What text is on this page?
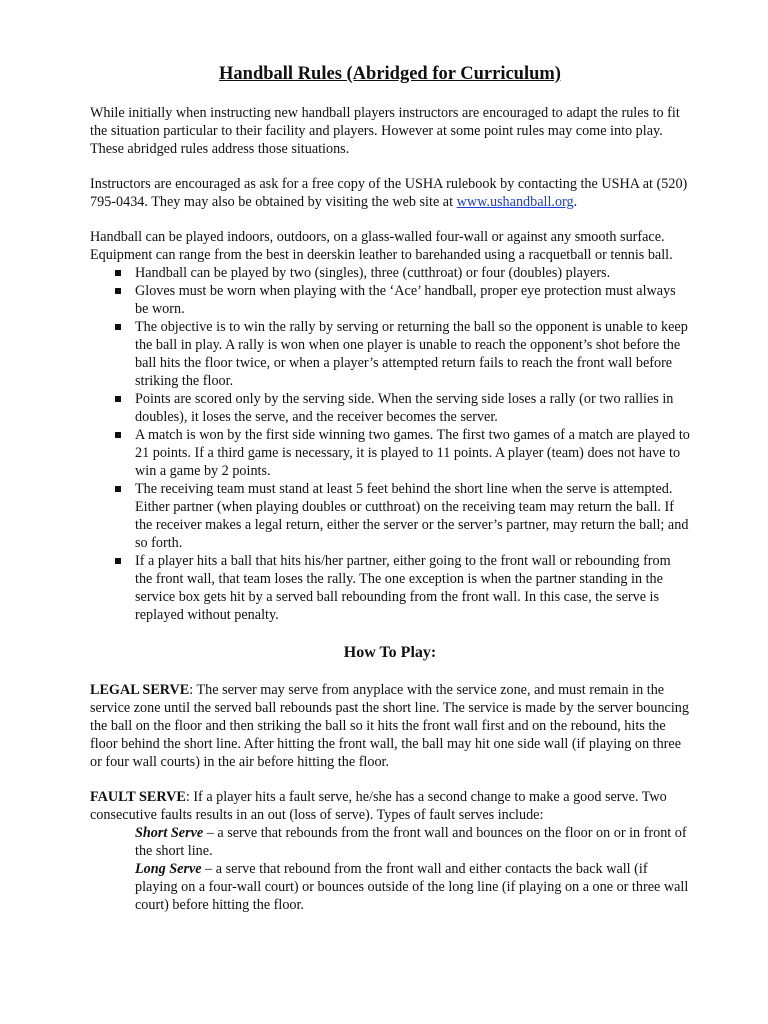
Handball Rules (Abridged for Curriculum)

While initially when instructing new handball players instructors are encouraged to adapt the rules to fit the situation particular to their facility and players. However at some point rules may come into play. These abridged rules address those situations.

Instructors are encouraged as ask for a free copy of the USHA rulebook by contacting the USHA at (520) 795-0434. They may also be obtained by visiting the web site at www.ushandball.org.

Handball can be played indoors, outdoors, on a glass-walled four-wall or against any smooth surface. Equipment can range from the best in deerskin leather to barehanded using a racquetball or tennis ball.

Handball can be played by two (singles), three (cutthroat) or four (doubles) players.
Gloves must be worn when playing with the ‘Ace’ handball, proper eye protection must always be worn.
The objective is to win the rally by serving or returning the ball so the opponent is unable to keep the ball in play. A rally is won when one player is unable to reach the opponent’s shot before the ball hits the floor twice, or when a player’s attempted return fails to reach the front wall before striking the floor.
Points are scored only by the serving side. When the serving side loses a rally (or two rallies in doubles), it loses the serve, and the receiver becomes the server.
A match is won by the first side winning two games. The first two games of a match are played to 21 points. If a third game is necessary, it is played to 11 points. A player (team) does not have to win a game by 2 points.
The receiving team must stand at least 5 feet behind the short line when the serve is attempted. Either partner (when playing doubles or cutthroat) on the receiving team may return the ball. If the receiver makes a legal return, either the server or the server’s partner, may return the ball; and so forth.
If a player hits a ball that hits his/her partner, either going to the front wall or rebounding from the front wall, that team loses the rally. The one exception is when the partner standing in the service box gets hit by a served ball rebounding from the front wall. In this case, the serve is replayed without penalty.
How To Play:

LEGAL SERVE: The server may serve from anyplace with the service zone, and must remain in the service zone until the served ball rebounds past the short line. The service is made by the server bouncing the ball on the floor and then striking the ball so it hits the front wall first and on the rebound, hits the floor behind the short line. After hitting the front wall, the ball may hit one side wall (if playing on three or four wall courts) in the air before hitting the floor.

FAULT SERVE: If a player hits a fault serve, he/she has a second change to make a good serve. Two consecutive faults results in an out (loss of serve). Types of fault serves include:

Short Serve – a serve that rebounds from the front wall and bounces on the floor on or in front of the short line.
Long Serve – a serve that rebound from the front wall and either contacts the back wall (if playing on a four-wall court) or bounces outside of the long line (if playing on a one or three wall court) before hitting the floor.
